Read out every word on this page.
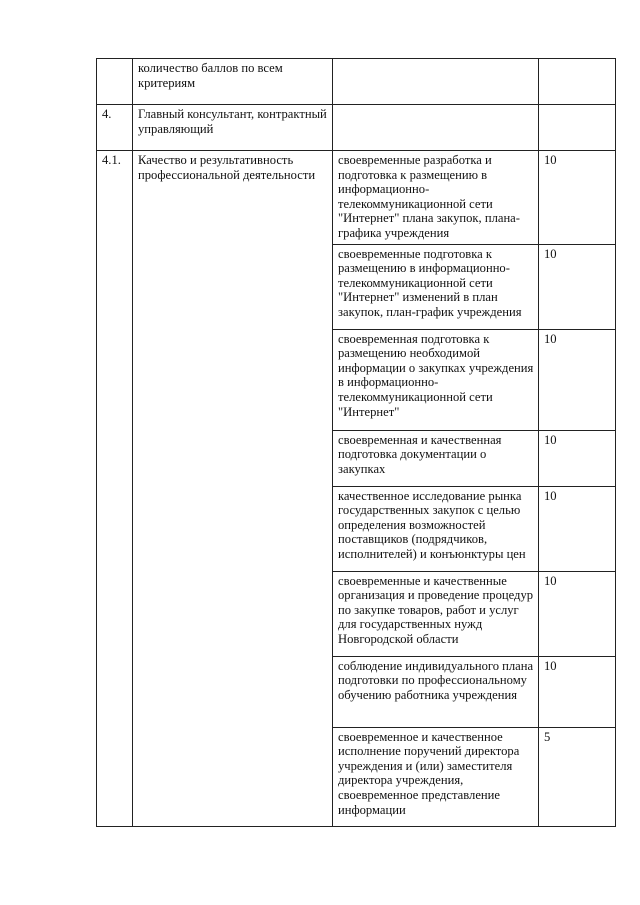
	количество баллов по всем критериям		
4.	Главный консультант, контрактный управляющий		
4.1.	Качество и результативность профессиональной деятельности	своевременные разработка и подготовка к размещению в информационно-телекоммуникационной сети "Интернет" плана закупок, плана-графика учреждения	10
		своевременные подготовка к размещению в информационно-телекоммуникационной сети "Интернет" изменений в план закупок, план-график учреждения	10
		своевременная подготовка к размещению необходимой информации о закупках учреждения в информационно-телекоммуникационной сети "Интернет"	10
		своевременная и качественная подготовка документации о закупках	10
		качественное исследование рынка государственных закупок с целью определения возможностей поставщиков (подрядчиков, исполнителей) и конъюнктуры цен	10
		своевременные и качественные организация и проведение процедур по закупке товаров, работ и услуг для государственных нужд Новгородской области	10
		соблюдение индивидуального плана подготовки по профессиональному обучению работника учреждения	10
		своевременное и качественное исполнение поручений директора учреждения и (или) заместителя директора учреждения, своевременное представление информации	5
